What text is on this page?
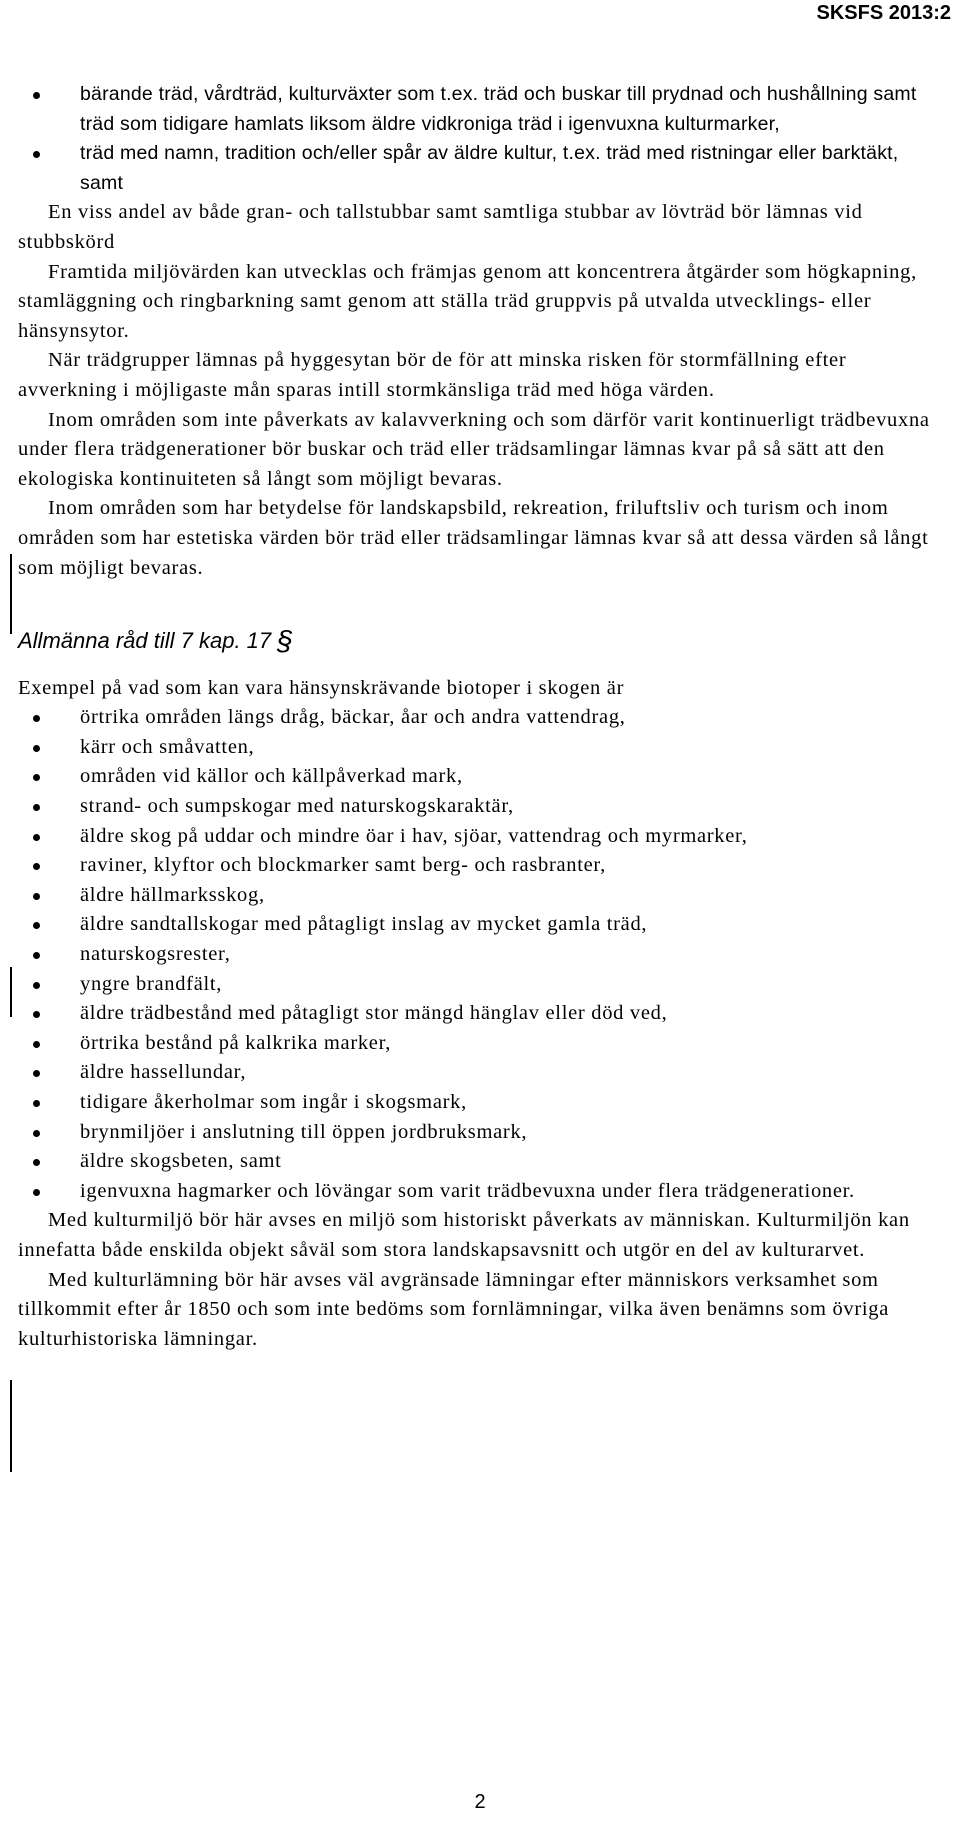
SKSFS 2013:2
bärande träd, vårdträd, kulturväxter som t.ex. träd och buskar till prydnad och hushållning samt träd som tidigare hamlats liksom äldre vidkroniga träd i igenvuxna kulturmarker,
träd med namn, tradition och/eller spår av äldre kultur, t.ex. träd med ristningar eller barktäkt, samt

En viss andel av både gran- och tallstubbar samt samtliga stubbar av lövträd bör lämnas vid stubbskörd

Framtida miljövärden kan utvecklas och främjas genom att koncentrera åtgärder som högkapning, stamläggning och ringbarkning samt genom att ställa träd gruppvis på utvalda utvecklings- eller hänsynsytor.

När trädgrupper lämnas på hyggesytan bör de för att minska risken för stormfällning efter avverkning i möjligaste mån sparas intill stormkänsliga träd med höga värden.

Inom områden som inte påverkats av kalavverkning och som därför varit kontinuerligt trädbevuxna under flera trädgenerationer bör buskar och träd eller trädsamlingar lämnas kvar på så sätt att den ekologiska kontinuiteten så långt som möjligt bevaras.

Inom områden som har betydelse för landskapsbild, rekreation, friluftsliv och turism och inom områden som har estetiska värden bör träd eller trädsamlingar lämnas kvar så att dessa värden så långt som möjligt bevaras.

Allmänna råd till 7 kap. 17 §

Exempel på vad som kan vara hänsynskrävande biotoper i skogen är

örtrika områden längs dråg, bäckar, åar och andra vattendrag,
kärr och småvatten,
områden vid källor och källpåverkad mark,
strand- och sumpskogar med naturskogskaraktär,
äldre skog på uddar och mindre öar i hav, sjöar, vattendrag och myrmarker,
raviner, klyftor och blockmarker samt berg- och rasbranter,
äldre hällmarksskog,
äldre sandtallskogar med påtagligt inslag av mycket gamla träd,
naturskogsrester,
yngre brandfält,
äldre trädbestånd med påtagligt stor mängd hänglav eller död ved,
örtrika bestånd på kalkrika marker,
äldre hassellundar,
tidigare åkerholmar som ingår i skogsmark,
brynmiljöer i anslutning till öppen jordbruksmark,
äldre skogsbeten, samt
igenvuxna hagmarker och lövängar som varit trädbevuxna under flera trädgenerationer.

Med kulturmiljö bör här avses en miljö som historiskt påverkats av människan. Kulturmiljön kan innefatta både enskilda objekt såväl som stora landskapsavsnitt och utgör en del av kulturarvet.

Med kulturlämning bör här avses väl avgränsade lämningar efter människors verksamhet som tillkommit efter år 1850 och som inte bedöms som fornlämningar, vilka även benämns som övriga kulturhistoriska lämningar.

2
